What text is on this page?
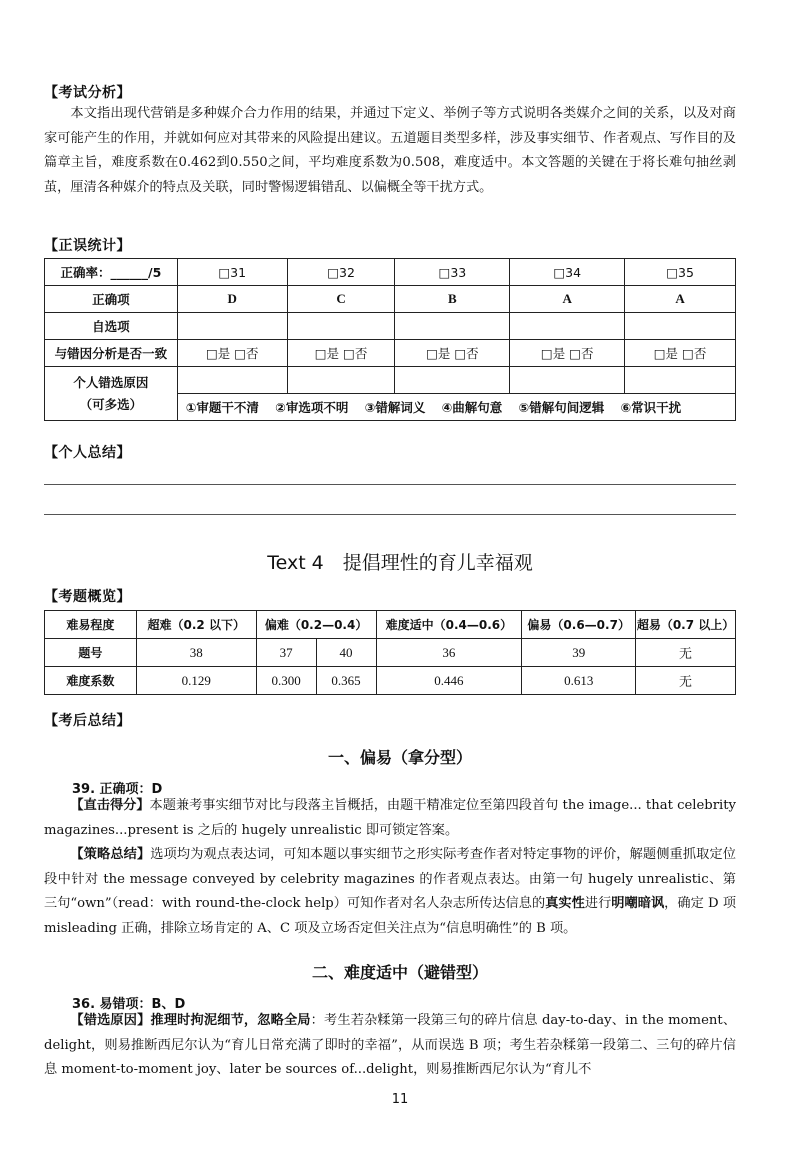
【考试分析】

本文指出现代营销是多种媒介合力作用的结果，并通过下定义、举例子等方式说明各类媒介之间的关系，以及对商家可能产生的作用，并就如何应对其带来的风险提出建议。五道题目类型多样，涉及事实细节、作者观点、写作目的及篇章主旨，难度系数在0.462到0.550之间，平均难度系数为0.508，难度适中。本文答题的关键在于将长难句抽丝剥茧，厘清各种媒介的特点及关联，同时警惕逻辑错乱、以偏概全等干扰方式。

【正误统计】
正确率：______/5	□31	□32	□33	□34	□35
正确项	D	C	B	A	A
自选项					
与错因分析是否一致	□是 □否	□是 □否	□是 □否	□是 □否	□是 □否

个人错选原因
（可多选）					

	①审题干不清 ②审选项不明 ③错解词义 ④曲解句意 ⑤错解句间逻辑 ⑥常识干扰				
【个人总结】
Text 4　提倡理性的育儿幸福观
【考题概览】
难易程度	超难（0.2 以下）	偏难（0.2—0.4）		难度适中（0.4—0.6）	偏易（0.6—0.7）	超易（0.7 以上）
题号	38	37	40	36	39	无
难度系数	0.129	0.300	0.365	0.446	0.613	无
【考后总结】
一、偏易（拿分型）
39. 正确项：D

【直击得分】本题兼考事实细节对比与段落主旨概括，由题干精准定位至第四段首句 the image... that celebrity magazines...present is 之后的 hugely unrealistic 即可锁定答案。

【策略总结】选项均为观点表达词，可知本题以事实细节之形实际考查作者对特定事物的评价，解题侧重抓取定位段中针对 the message conveyed by celebrity magazines 的作者观点表达。由第一句 hugely unrealistic、第三句“own”（read：with round-the-clock help）可知作者对名人杂志所传达信息的真实性进行明嘲暗讽，确定 D 项 misleading 正确，排除立场肯定的 A、C 项及立场否定但关注点为“信息明确性”的 B 项。

二、难度适中（避错型）
36. 易错项：B、D

【错选原因】推理时拘泥细节，忽略全局：考生若杂糅第一段第三句的碎片信息 day-to-day、in the moment、delight，则易推断西尼尔认为“育儿日常充满了即时的幸福”，从而误选 B 项；考生若杂糅第一段第二、三句的碎片信息 moment-to-moment joy、later be sources of...delight，则易推断西尼尔认为“育儿不

11
